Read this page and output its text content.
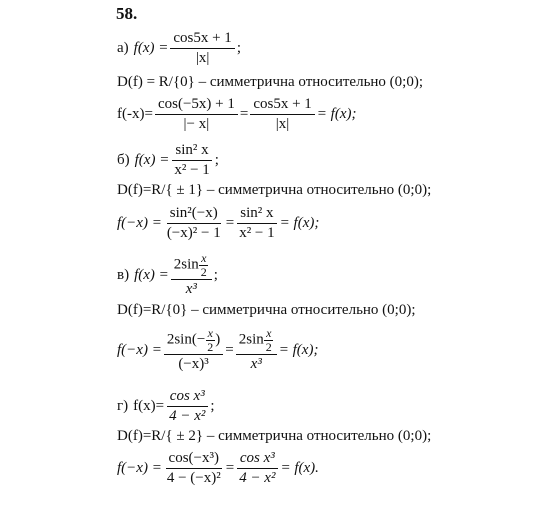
58.
а) $f(x) = \frac{\cos 5x + 1}{|x|}$ ;
D(f) = R/{0} – симметрична относительно (0;0);
$f(-x)= \frac{\cos(-5x) + 1}{|- x|} = \frac{\cos 5x + 1}{|x|} = f(x)$;
б) $f(x) = \frac{\text{sin² x}}{\text{x² − 1}}$ ;
D(f)=R/{ ± 1} – симметрична относительно (0;0);
$f(-x) = \frac{\text{sin²(−x)}}{\text{(−x)² − 1}} = \frac{\text{sin² x}}{\text{x² − 1}} = f(x)$;
в) $f(x) = \frac{2\sin \frac{x}{2}}{\text{x³}}$ ;
D(f)=R/{0} – симметрична относительно (0;0);
$f(-x) = \frac{2\sin(- \frac{x}{2} )}{\text{(−x)³}} = \frac{2\sin \frac{x}{2}}{\text{x³}} = f(x)$;
г) $f(x)= \frac{\text{cos x³}}{\text{4 − x²}}$ ;
D(f)=R/{ ± 2} – симметрична относительно (0;0);
$f(-x) = \frac{\text{cos(−x³)}}{\text{4 − (−x)²}} = \frac{\text{cos x³}}{\text{4 − x²}} = f(x)$.
